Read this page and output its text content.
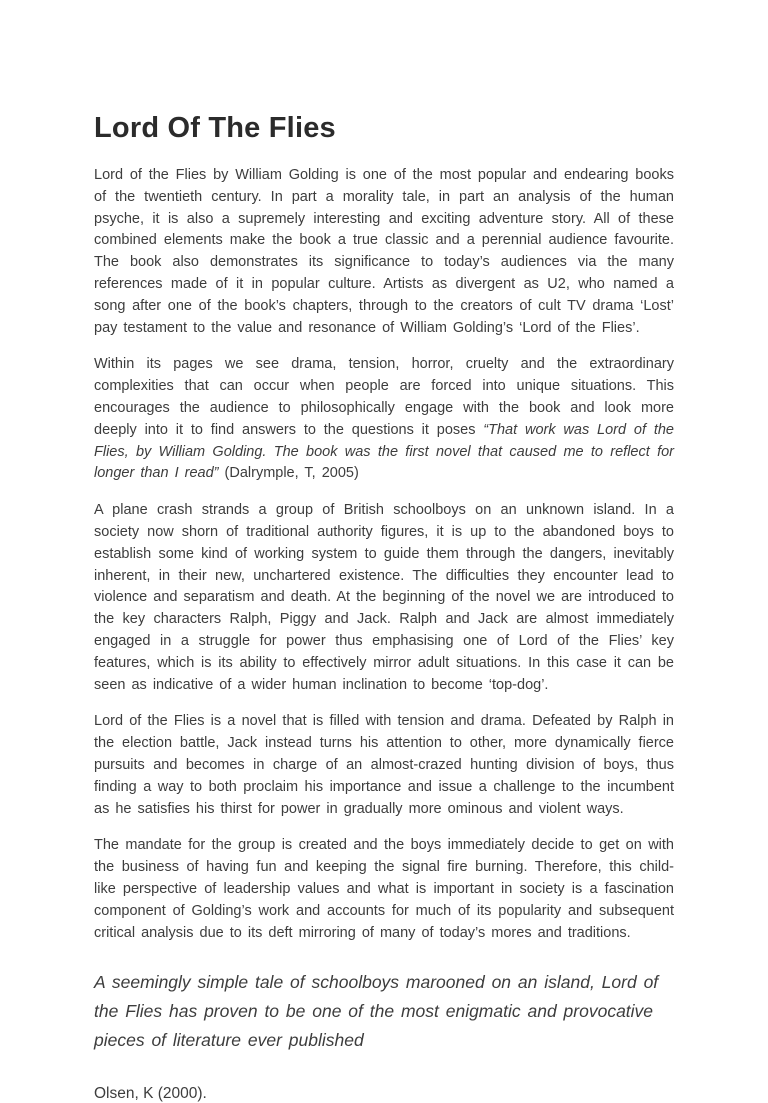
Lord Of The Flies

Lord of the Flies by William Golding is one of the most popular and endearing books of the twentieth century. In part a morality tale, in part an analysis of the human psyche, it is also a supremely interesting and exciting adventure story. All of these combined elements make the book a true classic and a perennial audience favourite. The book also demonstrates its significance to today’s audiences via the many references made of it in popular culture. Artists as divergent as U2, who named a song after one of the book’s chapters, through to the creators of cult TV drama ‘Lost’ pay testament to the value and resonance of William Golding’s ‘Lord of the Flies’.

Within its pages we see drama, tension, horror, cruelty and the extraordinary complexities that can occur when people are forced into unique situations. This encourages the audience to philosophically engage with the book and look more deeply into it to find answers to the questions it poses “That work was Lord of the Flies, by William Golding. The book was the first novel that caused me to reflect for longer than I read” (Dalrymple, T, 2005)

A plane crash strands a group of British schoolboys on an unknown island. In a society now shorn of traditional authority figures, it is up to the abandoned boys to establish some kind of working system to guide them through the dangers, inevitably inherent, in their new, unchartered existence. The difficulties they encounter lead to violence and separatism and death. At the beginning of the novel we are introduced to the key characters Ralph, Piggy and Jack. Ralph and Jack are almost immediately engaged in a struggle for power thus emphasising one of Lord of the Flies’ key features, which is its ability to effectively mirror adult situations. In this case it can be seen as indicative of a wider human inclination to become ‘top-dog’.

Lord of the Flies is a novel that is filled with tension and drama. Defeated by Ralph in the election battle, Jack instead turns his attention to other, more dynamically fierce pursuits and becomes in charge of an almost-crazed hunting division of boys, thus finding a way to both proclaim his importance and issue a challenge to the incumbent as he satisfies his thirst for power in gradually more ominous and violent ways.

The mandate for the group is created and the boys immediately decide to get on with the business of having fun and keeping the signal fire burning. Therefore, this child-like perspective of leadership values and what is important in society is a fascination component of Golding’s work and accounts for much of its popularity and subsequent critical analysis due to its deft mirroring of many of today’s mores and traditions.

A seemingly simple tale of schoolboys marooned on an island, Lord of the Flies has proven to be one of the most enigmatic and provocative pieces of literature ever published

Olsen, K (2000).
